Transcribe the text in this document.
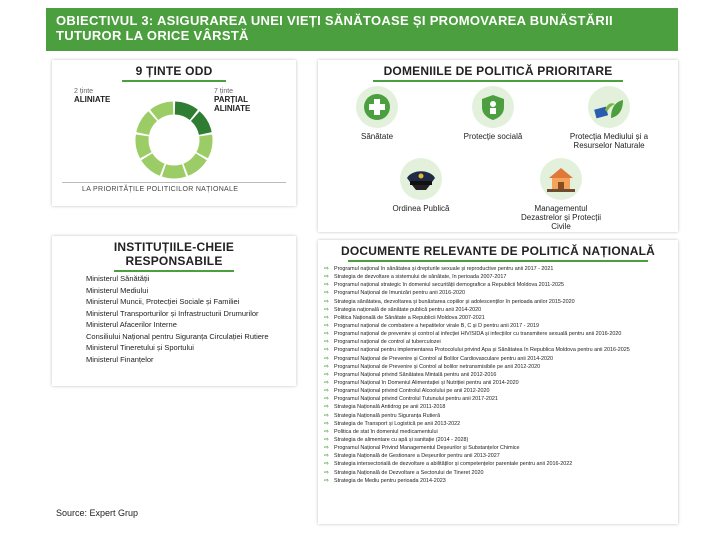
OBIECTIVUL 3: ASIGURAREA UNEI VIEȚI SĂNĂTOASE ȘI PROMOVAREA BUNĂSTĂRII
TUTUROR LA ORICE VÂRSTĂ
9 ȚINTE ODD
2 ținte
ALINIATE
7 ținte
PARȚIAL
ALINIATE
LA PRIORITĂȚILE POLITICILOR NAȚIONALE
DOMENIILE DE POLITICĂ PRIORITARE
Sănătate	Protecție socială	Protecția Mediului și a Resurselor Naturale
Ordinea Publică	Managementul Dezastrelor și Protecții Civile
INSTITUȚIILE-CHEIE
RESPONSABILE
Ministerul Sănătății
Ministerul Mediului
Ministerul Muncii, Protecției Sociale și Familiei
Ministerul Transporturilor și Infrastructurii Drumurilor
Ministerul Afacerilor Interne
Consiliului Național pentru Siguranța Circulației Rutiere
Ministerul Tineretului și Sportului
Ministerul Finanțelor
DOCUMENTE RELEVANTE DE POLITICĂ NAȚIONALĂ
⇨ Programul național în sănătatea și drepturile sexuale și reproductive pentru anii 2017 - 2021
⇨ Strategia de dezvoltare a sistemului de sănătate, în perioada 2007-2017
⇨ Programul național strategic în domeniul securității demografice a Republicii Moldova 2011-2025
⇨ Programul Național de Imunizări pentru anii 2016-2020
⇨ Strategia sănătatea, dezvoltarea și bunăstarea copiilor și adolescenților în perioada anilor 2015-2020
⇨ Strategia națională de sănătate publică pentru anii 2014-2020
⇨ Politica Națională de Sănătate a Republicii Moldova 2007-2021
⇨ Programul național de combatere a hepatitelor virale B, C și D pentru anii 2017 - 2019
⇨ Programul național de prevenire și control al infecției HIV/SIDA și infecțiilor cu transmitere sexuală pentru anii 2016-2020
⇨ Programul național de control al tuberculozei
⇨ Programul național pentru implementarea Protocolului privind Apa și Sănătatea în Republica Moldova pentru anii 2016-2025
⇨ Programul Național de Prevenire și Control al Bolilor Cardiovasculare pentru anii 2014-2020
⇨ Programul Național de Prevenire și Control al bolilor netransmisibile pe anii 2012-2020
⇨ Programul Național privind Sănătatea Mintală pentru anii 2012-2016
⇨ Programul Național în Domeniul Alimentației și Nutriției pentru anii 2014-2020
⇨ Programul Național privind Controlul Alcoolului pe anii 2012-2020
⇨ Programul Național privind Controlul Tutunului pentru anii 2017-2021
⇨ Strategia Națională Antidrog pe anii 2011-2018
⇨ Strategia Națională pentru Siguranța Rutieră
⇨ Strategia de Transport și Logistică pe anii 2013-2022
⇨ Politica de stat în domeniul medicamentului
⇨ Strategia de alimentare cu apă și sanitație (2014 - 2028)
⇨ Programul Național Privind Managementul Deșeurilor și Substanțelor Chimice
⇨ Strategia Națională de Gestionare a Deșeurilor pentru anii 2013-2027
⇨ Strategia intersectorială de dezvoltare a abilităților și competențelor parentale pentru anii 2016-2022
⇨ Strategia Națională de Dezvoltare a Sectorului de Tineret 2020
⇨ Strategia de Mediu pentru perioada 2014-2023
Source: Expert Grup
